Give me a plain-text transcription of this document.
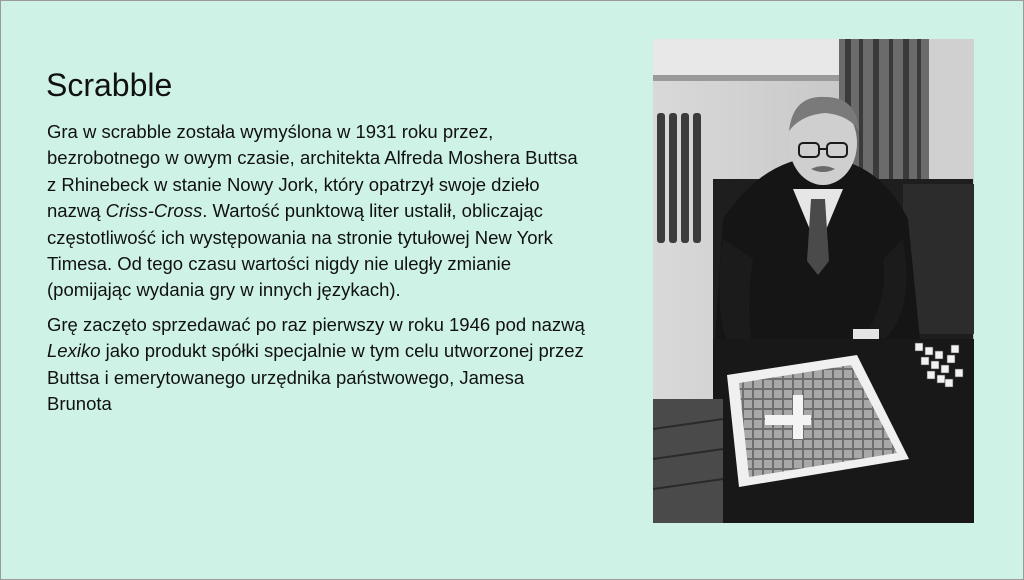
Scrabble

Gra w scrabble została wymyślona w 1931 roku przez, bezrobotnego w owym czasie, architekta Alfreda Moshera Buttsa z Rhinebeck w stanie Nowy Jork, który opatrzył swoje dzieło nazwą Criss-Cross. Wartość punktową liter ustalił, obliczając częstotliwość ich występowania na stronie tytułowej New York Timesa. Od tego czasu wartości nigdy nie uległy zmianie (pomijając wydania gry w innych językach).

Grę zaczęto sprzedawać po raz pierwszy w roku 1946 pod nazwą Lexiko jako produkt spółki specjalnie w tym celu utworzonej przez Buttsa i emerytowanego urzędnika państwowego, Jamesa Brunota
